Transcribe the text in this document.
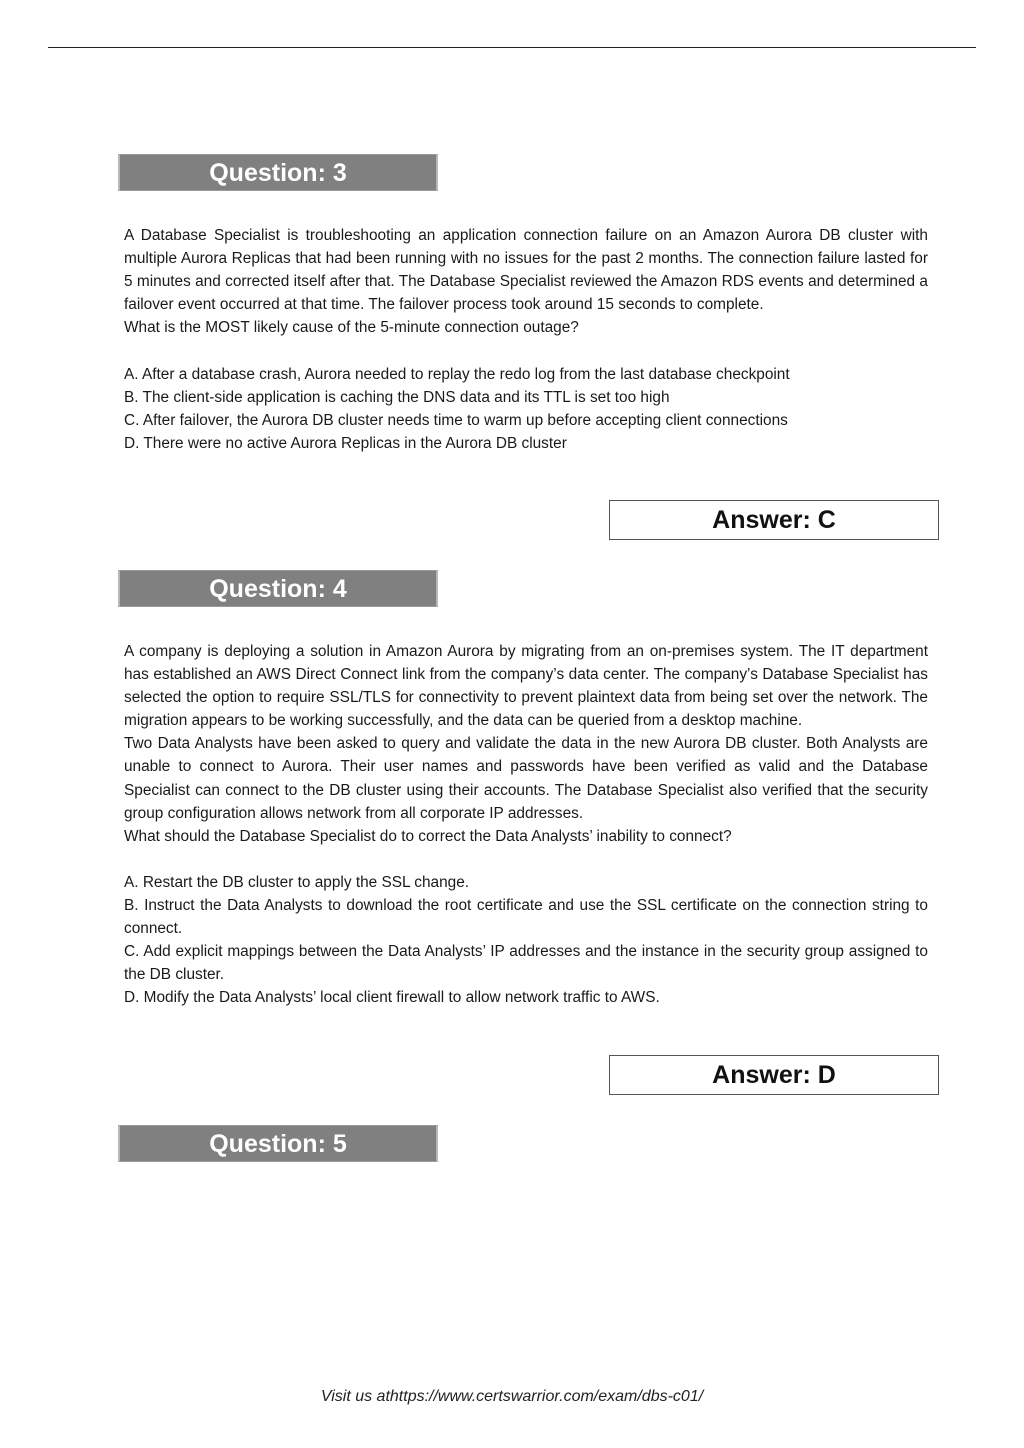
Question: 3

A Database Specialist is troubleshooting an application connection failure on an Amazon Aurora DB cluster with multiple Aurora Replicas that had been running with no issues for the past 2 months. The connection failure lasted for 5 minutes and corrected itself after that. The Database Specialist reviewed the Amazon RDS events and determined a failover event occurred at that time. The failover process took around 15 seconds to complete.

What is the MOST likely cause of the 5-minute connection outage?

A. After a database crash, Aurora needed to replay the redo log from the last database checkpoint

B. The client-side application is caching the DNS data and its TTL is set too high

C. After failover, the Aurora DB cluster needs time to warm up before accepting client connections

D. There were no active Aurora Replicas in the Aurora DB cluster

Answer: C
Question: 4

A company is deploying a solution in Amazon Aurora by migrating from an on-premises system. The IT department has established an AWS Direct Connect link from the company’s data center. The company’s Database Specialist has selected the option to require SSL/TLS for connectivity to prevent plaintext data from being set over the network. The migration appears to be working successfully, and the data can be queried from a desktop machine.

Two Data Analysts have been asked to query and validate the data in the new Aurora DB cluster. Both Analysts are unable to connect to Aurora. Their user names and passwords have been verified as valid and the Database Specialist can connect to the DB cluster using their accounts. The Database Specialist also verified that the security group configuration allows network from all corporate IP addresses.

What should the Database Specialist do to correct the Data Analysts’ inability to connect?

A. Restart the DB cluster to apply the SSL change.

B. Instruct the Data Analysts to download the root certificate and use the SSL certificate on the connection string to connect.

C. Add explicit mappings between the Data Analysts’ IP addresses and the instance in the security group assigned to the DB cluster.

D. Modify the Data Analysts’ local client firewall to allow network traffic to AWS.

Answer: D
Question: 5
Visit us athttps://www.certswarrior.com/exam/dbs-c01/
